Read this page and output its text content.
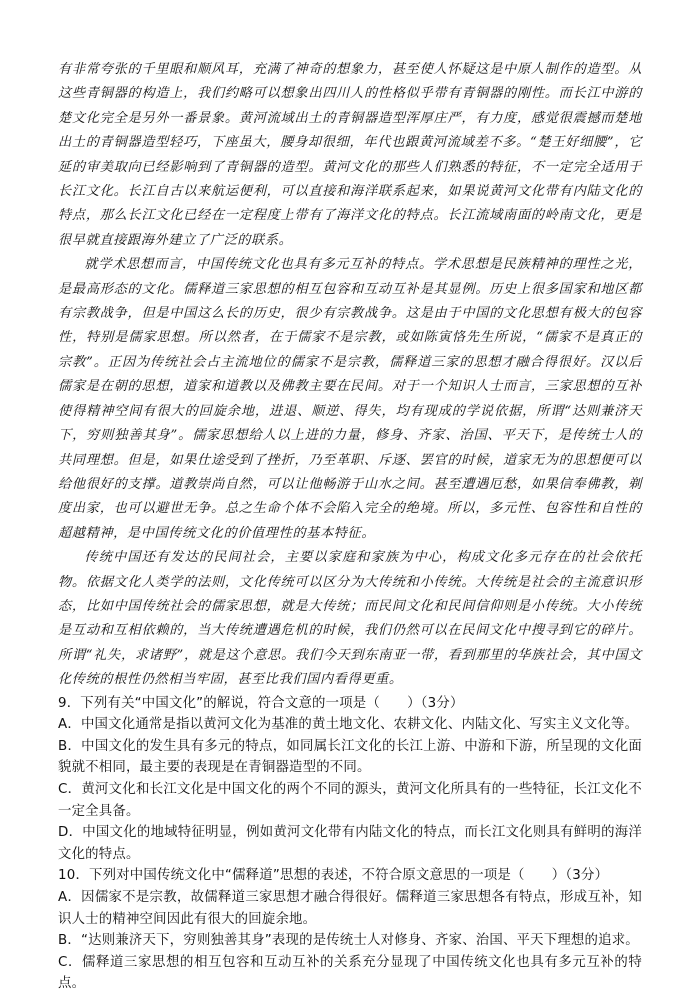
有非常夸张的千里眼和顺风耳，充满了神奇的想象力，甚至使人怀疑这是中原人制作的造型。从这些青铜器的构造上，我们约略可以想象出四川人的性格似乎带有青铜器的刚性。而长江中游的楚文化完全是另外一番景象。黄河流域出土的青铜器造型浑厚庄严，有力度，感觉很震撼而楚地出土的青铜器造型轻巧，下座虽大，腰身却很细，年代也跟黄河流域差不多。“楚王好细腰”，它延的审美取向已经影响到了青铜器的造型。黄河文化的那些人们熟悉的特征，不一定完全适用于长江文化。长江自古以来航运便利，可以直接和海洋联系起来，如果说黄河文化带有内陆文化的特点，那么长江文化已经在一定程度上带有了海洋文化的特点。长江流域南面的岭南文化，更是很早就直接跟海外建立了广泛的联系。

就学术思想而言，中国传统文化也具有多元互补的特点。学术思想是民族精神的理性之光，是最高形态的文化。儒释道三家思想的相互包容和互动互补是其显例。历史上很多国家和地区都有宗教战争，但是中国这么长的历史，很少有宗教战争。这是由于中国的文化思想有极大的包容性，特别是儒家思想。所以然者，在于儒家不是宗教，或如陈寅恪先生所说，“儒家不是真正的宗教”。正因为传统社会占主流地位的儒家不是宗教，儒释道三家的思想才融合得很好。汉以后儒家是在朝的思想，道家和道教以及佛教主要在民间。对于一个知识人士而言，三家思想的互补使得精神空间有很大的回旋余地，进退、顺逆、得失，均有现成的学说依据，所谓“达则兼济天下，穷则独善其身”。儒家思想给人以上进的力量，修身、齐家、治国、平天下，是传统士人的共同理想。但是，如果仕途受到了挫折，乃至革职、斥逐、罢官的时候，道家无为的思想便可以给他很好的支撑。道教崇尚自然，可以让他畅游于山水之间。甚至遭遇厄愁，如果信奉佛教，剃度出家，也可以避世无争。总之生命个体不会陷入完全的绝境。所以，多元性、包容性和自性的超越精神，是中国传统文化的价值理性的基本特征。

传统中国还有发达的民间社会，主要以家庭和家族为中心，构成文化多元存在的社会依托物。依据文化人类学的法则，文化传统可以区分为大传统和小传统。大传统是社会的主流意识形态，比如中国传统社会的儒家思想，就是大传统；而民间文化和民间信仰则是小传统。大小传统是互动和互相依赖的，当大传统遭遇危机的时候，我们仍然可以在民间文化中搜寻到它的碎片。所谓“礼失，求诸野”，就是这个意思。我们今天到东南亚一带，看到那里的华族社会，其中国文化传统的根性仍然相当牢固，甚至比我们国内看得更重。

9．下列有关“中国文化”的解说，符合文意的一项是（　　）（3分）

A．中国文化通常是指以黄河文化为基准的黄土地文化、农耕文化、内陆文化、写实主义文化等。

B．中国文化的发生具有多元的特点，如同属长江文化的长江上游、中游和下游，所呈现的文化面貌就不相同，最主要的表现是在青铜器造型的不同。

C．黄河文化和长江文化是中国文化的两个不同的源头，黄河文化所具有的一些特征，长江文化不一定全具备。

D．中国文化的地域特征明显，例如黄河文化带有内陆文化的特点，而长江文化则具有鲜明的海洋文化的特点。

10．下列对中国传统文化中“儒释道”思想的表述，不符合原文意思的一项是（　　）（3分）

A．因儒家不是宗教，故儒释道三家思想才融合得很好。儒释道三家思想各有特点，形成互补，知识人士的精神空间因此有很大的回旋余地。

B．“达则兼济天下，穷则独善其身”表现的是传统士人对修身、齐家、治国、平天下理想的追求。

C．儒释道三家思想的相互包容和互动互补的关系充分显现了中国传统文化也具有多元互补的特点。
